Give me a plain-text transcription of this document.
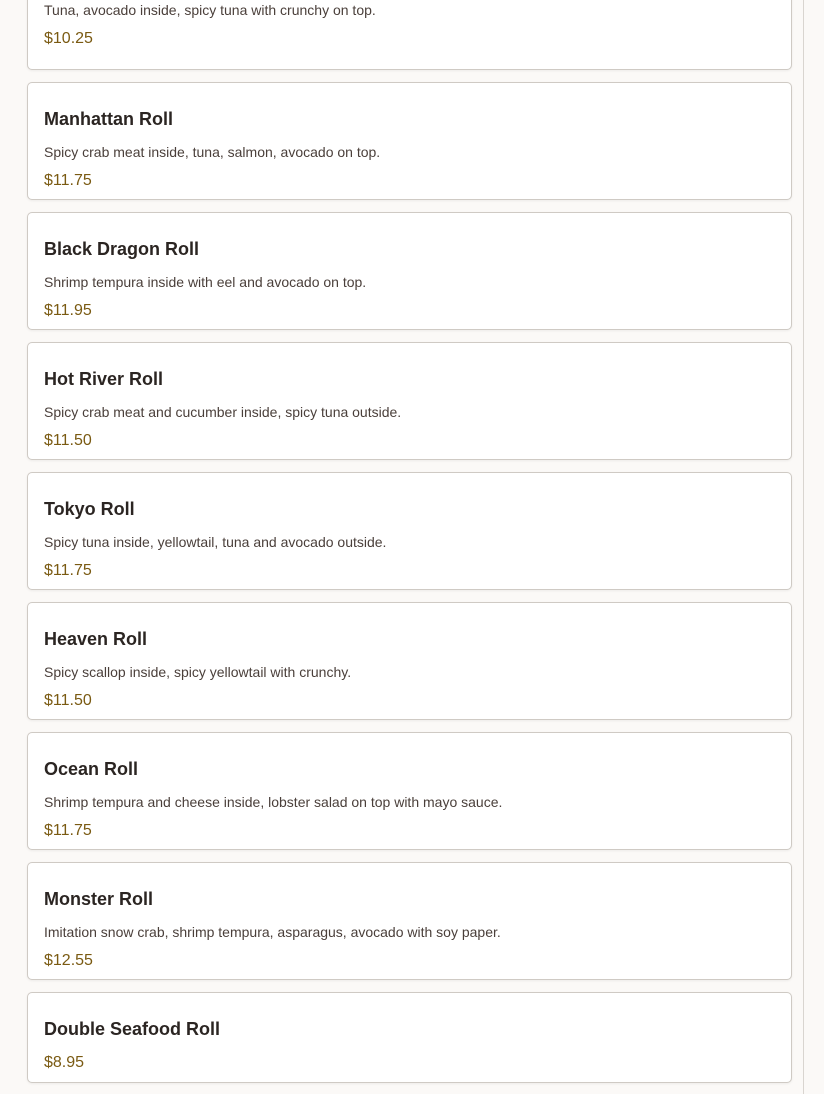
Tuna, avocado inside, spicy tuna with crunchy on top.
$10.25
Manhattan Roll
Spicy crab meat inside, tuna, salmon, avocado on top.
$11.75
Black Dragon Roll
Shrimp tempura inside with eel and avocado on top.
$11.95
Hot River Roll
Spicy crab meat and cucumber inside, spicy tuna outside.
$11.50
Tokyo Roll
Spicy tuna inside, yellowtail, tuna and avocado outside.
$11.75
Heaven Roll
Spicy scallop inside, spicy yellowtail with crunchy.
$11.50
Ocean Roll
Shrimp tempura and cheese inside, lobster salad on top with mayo sauce.
$11.75
Monster Roll
Imitation snow crab, shrimp tempura, asparagus, avocado with soy paper.
$12.55
Double Seafood Roll
$8.95
